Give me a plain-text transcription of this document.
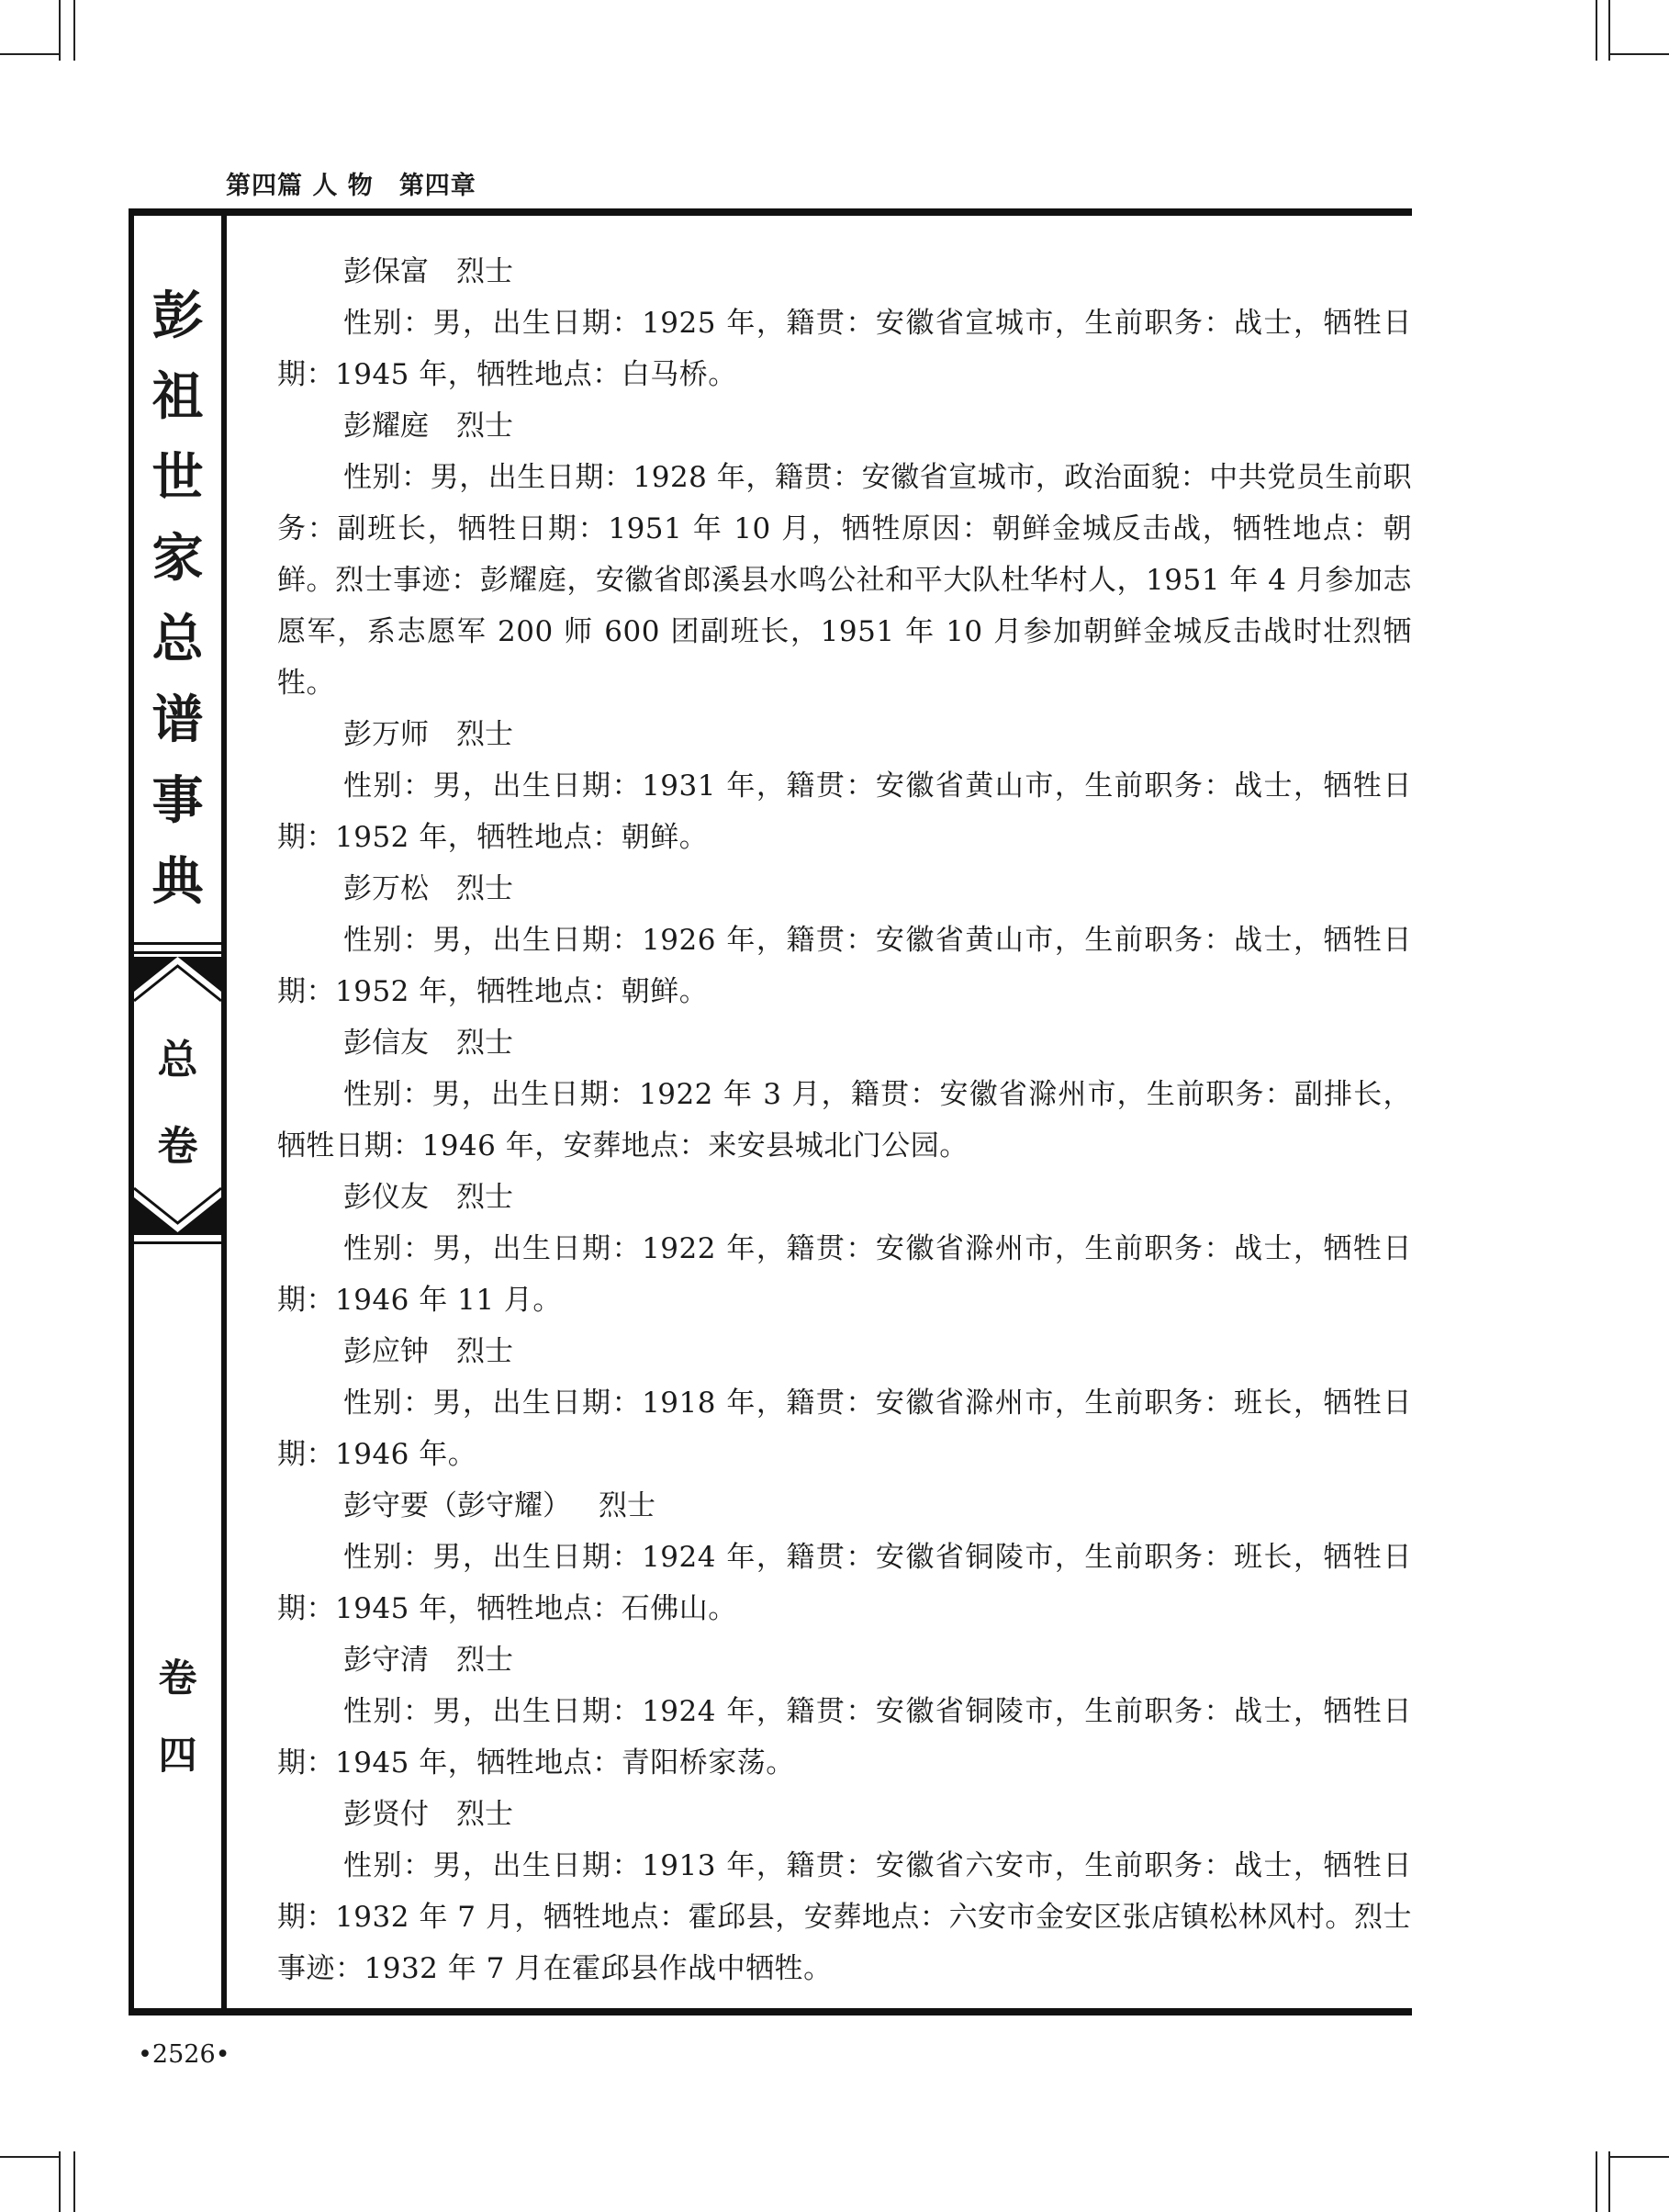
第四篇 人 物 第四章
彭
祖
世
家
总
谱
事
典
总
卷
卷
四

彭保富 烈士

性别：男，出生日期：1925 年，籍贯：安徽省宣城市，生前职务：战士，牺牲日期：1945 年，牺牲地点：白马桥。

彭耀庭 烈士

性别：男，出生日期：1928 年，籍贯：安徽省宣城市，政治面貌：中共党员生前职务：副班长，牺牲日期：1951 年 10 月，牺牲原因：朝鲜金城反击战，牺牲地点：朝鲜。烈士事迹：彭耀庭，安徽省郎溪县水鸣公社和平大队杜华村人，1951 年 4 月参加志愿军，系志愿军 200 师 600 团副班长，1951 年 10 月参加朝鲜金城反击战时壮烈牺牲。

彭万师 烈士

性别：男，出生日期：1931 年，籍贯：安徽省黄山市，生前职务：战士，牺牲日期：1952 年，牺牲地点：朝鲜。

彭万松 烈士

性别：男，出生日期：1926 年，籍贯：安徽省黄山市，生前职务：战士，牺牲日期：1952 年，牺牲地点：朝鲜。

彭信友 烈士

性别：男，出生日期：1922 年 3 月，籍贯：安徽省滁州市，生前职务：副排长，牺牲日期：1946 年，安葬地点：来安县城北门公园。

彭仪友 烈士

性别：男，出生日期：1922 年，籍贯：安徽省滁州市，生前职务：战士，牺牲日期：1946 年 11 月。

彭应钟 烈士

性别：男，出生日期：1918 年，籍贯：安徽省滁州市，生前职务：班长，牺牲日期：1946 年。

彭守要（彭守耀） 烈士

性别：男，出生日期：1924 年，籍贯：安徽省铜陵市，生前职务：班长，牺牲日期：1945 年，牺牲地点：石佛山。

彭守清 烈士

性别：男，出生日期：1924 年，籍贯：安徽省铜陵市，生前职务：战士，牺牲日期：1945 年，牺牲地点：青阳桥家荡。

彭贤付 烈士

性别：男，出生日期：1913 年，籍贯：安徽省六安市，生前职务：战士，牺牲日期：1932 年 7 月，牺牲地点：霍邱县，安葬地点：六安市金安区张店镇松林风村。烈士事迹：1932 年 7 月在霍邱县作战中牺牲。

•2526•
